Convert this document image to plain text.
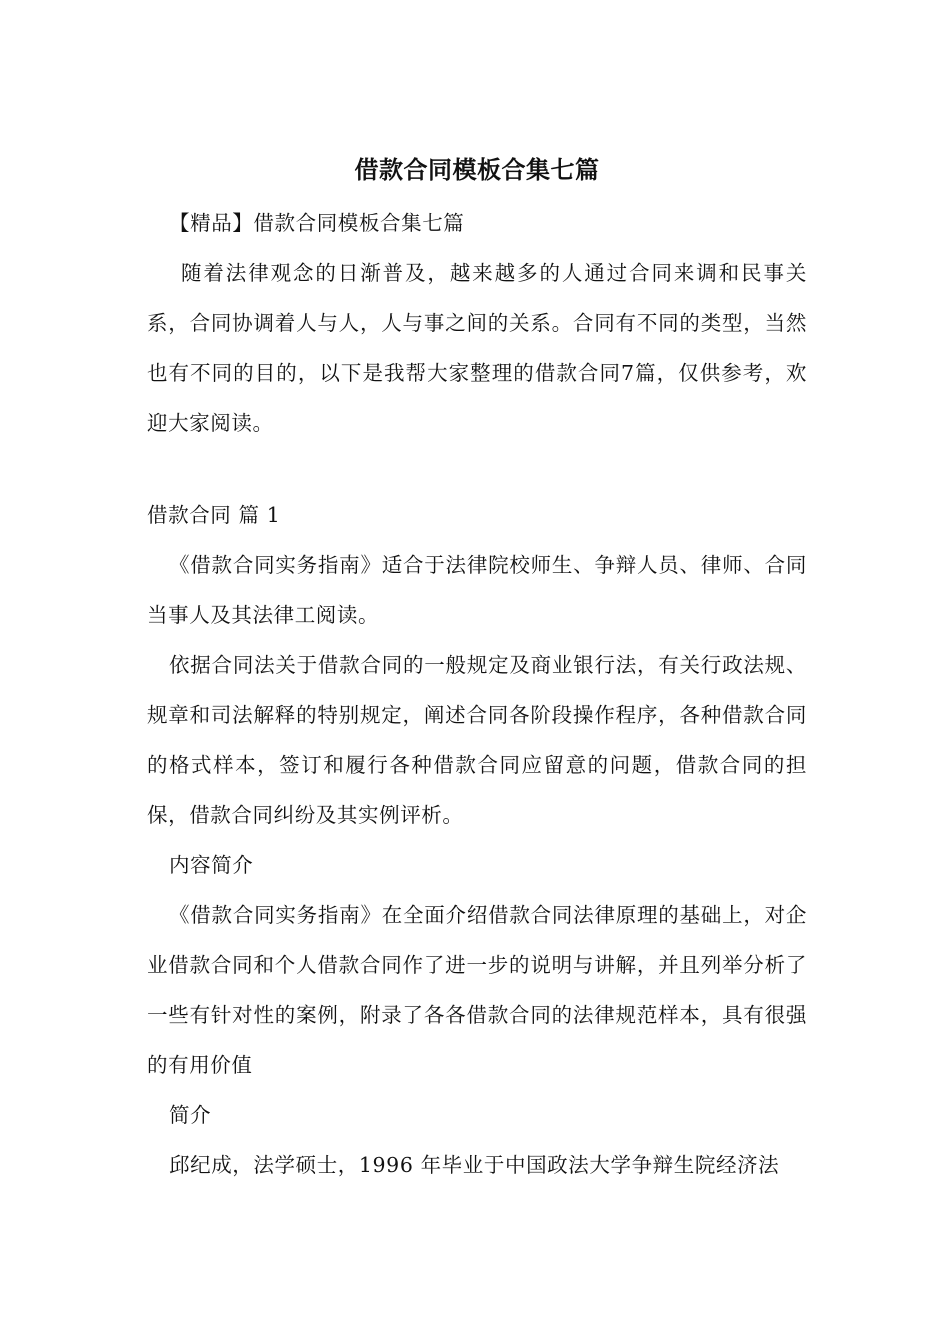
借款合同模板合集七篇

【精品】借款合同模板合集七篇

随着法律观念的日渐普及，越来越多的人通过合同来调和民事关系，合同协调着人与人，人与事之间的关系。合同有不同的类型，当然也有不同的目的，以下是我帮大家整理的借款合同7篇，仅供参考，欢迎大家阅读。

借款合同 篇 1

《借款合同实务指南》适合于法律院校师生、争辩人员、律师、合同当事人及其法律工阅读。

依据合同法关于借款合同的一般规定及商业银行法，有关行政法规、规章和司法解释的特别规定，阐述合同各阶段操作程序，各种借款合同的格式样本，签订和履行各种借款合同应留意的问题，借款合同的担保，借款合同纠纷及其实例评析。

内容简介

《借款合同实务指南》在全面介绍借款合同法律原理的基础上，对企业借款合同和个人借款合同作了进一步的说明与讲解，并且列举分析了一些有针对性的案例，附录了各各借款合同的法律规范样本，具有很强的有用价值

简介

邱纪成，法学硕士，1996 年毕业于中国政法大学争辩生院经济法
